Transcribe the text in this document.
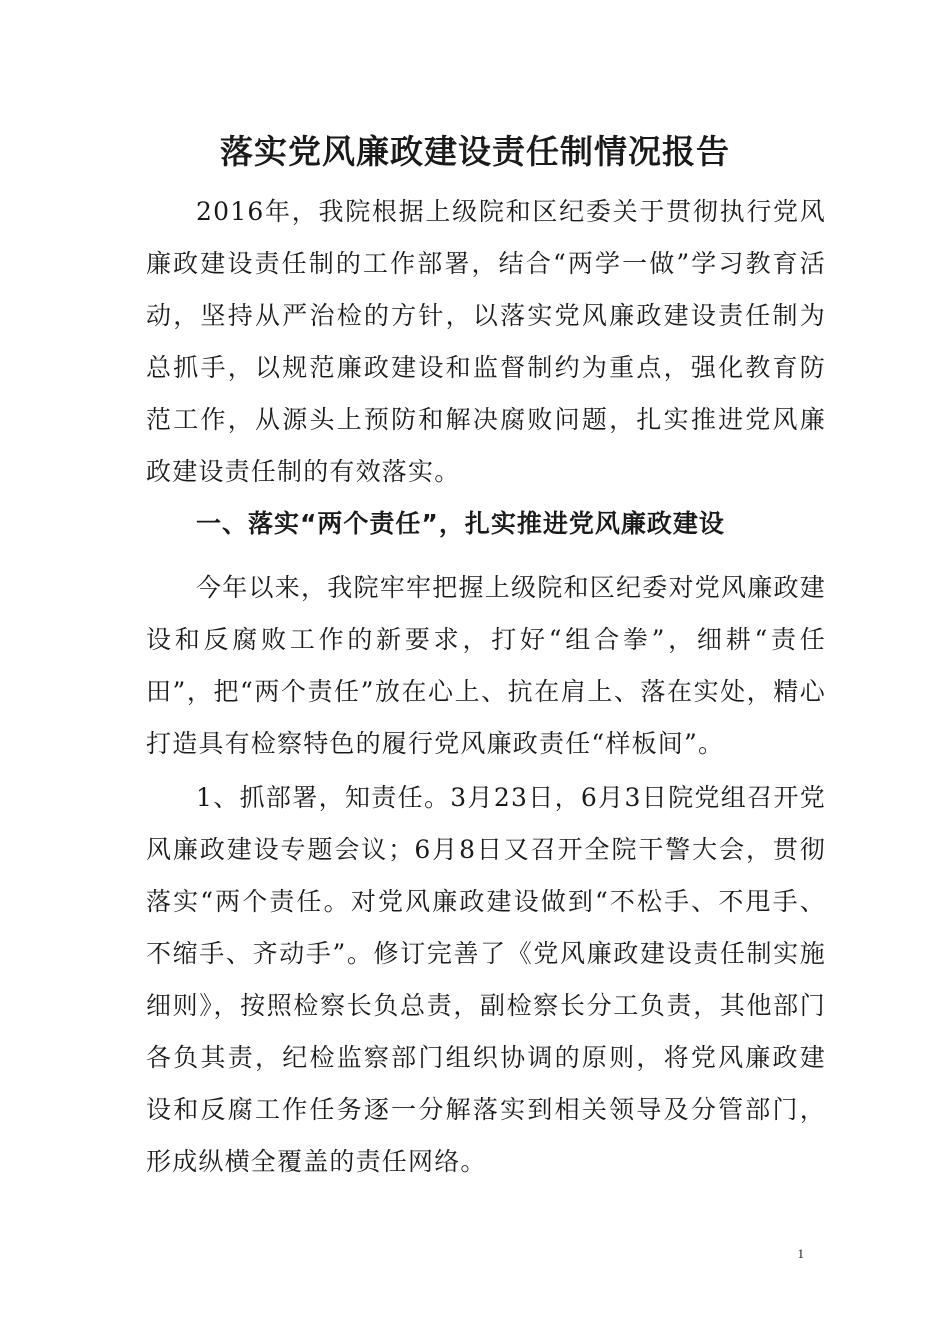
落实党风廉政建设责任制情况报告

2016年，我院根据上级院和区纪委关于贯彻执行党风廉政建设责任制的工作部署，结合“两学一做”学习教育活动，坚持从严治检的方针，以落实党风廉政建设责任制为总抓手，以规范廉政建设和监督制约为重点，强化教育防范工作，从源头上预防和解决腐败问题，扎实推进党风廉政建设责任制的有效落实。

一、落实“两个责任”，扎实推进党风廉政建设

今年以来，我院牢牢把握上级院和区纪委对党风廉政建设和反腐败工作的新要求，打好“组合拳”，细耕“责任田”，把“两个责任”放在心上、抗在肩上、落在实处，精心打造具有检察特色的履行党风廉政责任“样板间”。

1、抓部署，知责任。3月23日，6月3日院党组召开党风廉政建设专题会议；6月8日又召开全院干警大会，贯彻落实“两个责任。对党风廉政建设做到“不松手、不甩手、不缩手、齐动手”。修订完善了《党风廉政建设责任制实施细则》，按照检察长负总责，副检察长分工负责，其他部门各负其责，纪检监察部门组织协调的原则，将党风廉政建设和反腐工作任务逐一分解落实到相关领导及分管部门，形成纵横全覆盖的责任网络。

1
